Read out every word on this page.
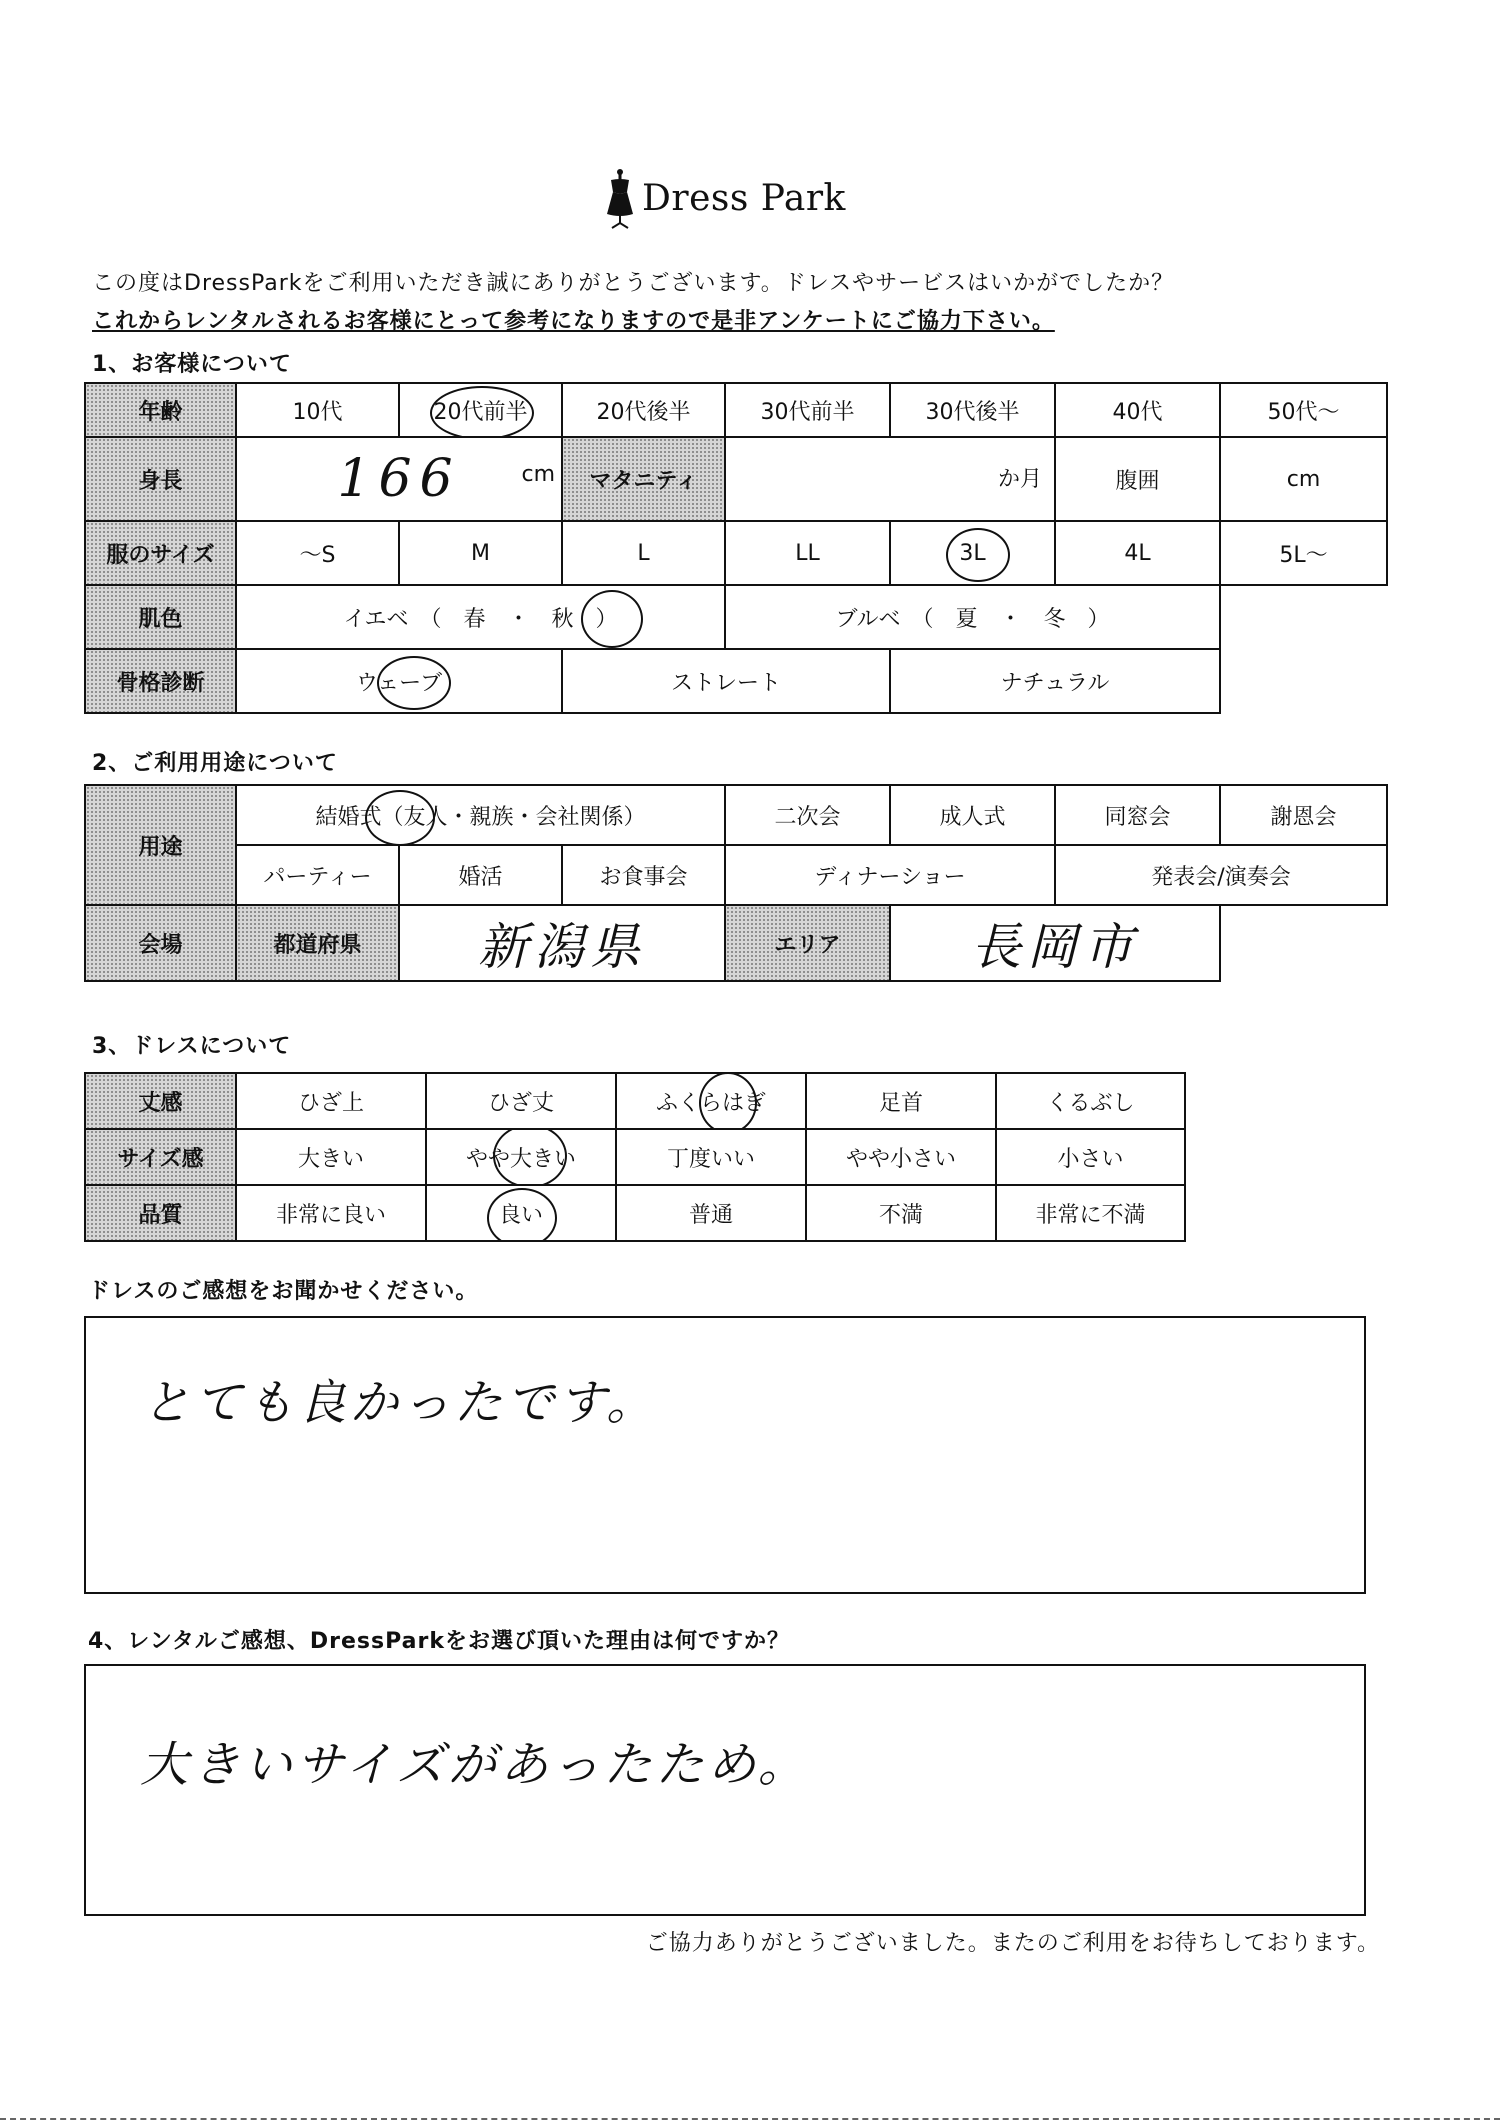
Dress Park
この度はDressParkをご利用いただき誠にありがとうございます。ドレスやサービスはいかがでしたか？
これからレンタルされるお客様にとって参考になりますので是非アンケートにご協力下さい。
1、お客様について
年齢	10代	20代前半	20代後半	30代前半	30代後半	40代	50代～
身長	166 cm		マタニティ	か月		腹囲	cm
服のサイズ	～S	M	L	LL	3L	4L	5L～
肌色	イエベ　（　春　・　秋　）			ブルベ　（　夏　・　冬　）			
骨格診断	ウェーブ		ストレート		ナチュラル		
2、ご利用用途について
用途	結婚式（友人・親族・会社関係）			二次会	成人式	同窓会	謝恩会
	パーティー	婚活	お食事会	ディナーショー		発表会/演奏会	
会場	都道府県	新潟県		エリア	長岡市		
3、ドレスについて
丈感	ひざ上	ひざ丈	ふくらはぎ	足首	くるぶし
サイズ感	大きい	やや大きい	丁度いい	やや小さい	小さい
品質	非常に良い	良い	普通	不満	非常に不満
ドレスのご感想をお聞かせください。
とても良かったです。
4、レンタルご感想、DressParkをお選び頂いた理由は何ですか？
大きいサイズがあったため。
ご協力ありがとうございました。またのご利用をお待ちしております。
